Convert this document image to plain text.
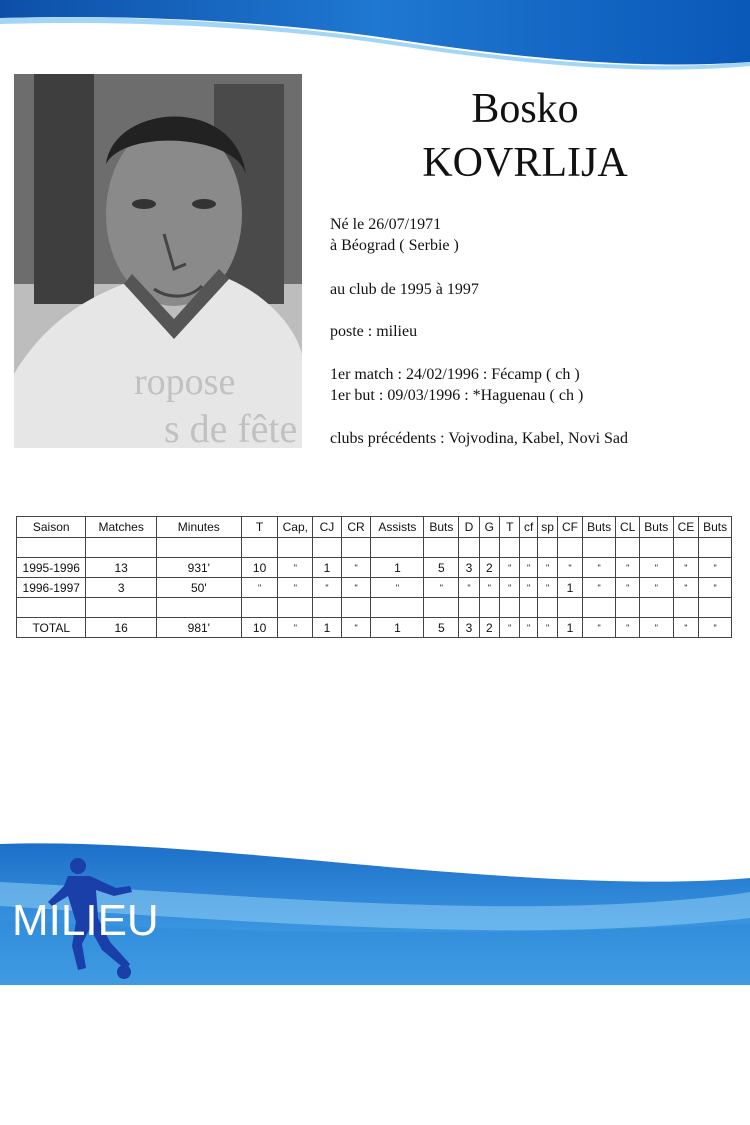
ropose
s de fête
Bosko
KOVRLIJA
Né le 26/07/1971
à Béograd ( Serbie )
au club de 1995 à 1997
poste : milieu
1er match : 24/02/1996 : Fécamp ( ch )
1er but : 09/03/1996 : *Haguenau ( ch )
clubs précédents : Vojvodina, Kabel, Novi Sad
Saison	Matches	Minutes	T	Cap,	CJ	CR	Assists	Buts	D	G	T	cf	sp	CF	Buts	CL	Buts	CE	Buts

1995-1996	13	931'	10	"	1	"	1	5	3	2	"	"	"	"	"	"	"	"	"
1996-1997	3	50'	"	"	"	"	"	"	"	"	"	"	"	1	"	"	"	"	"

TOTAL	16	981'	10	"	1	"	1	5	3	2	"	"	"	1	"	"	"	"	"
MILIEU
